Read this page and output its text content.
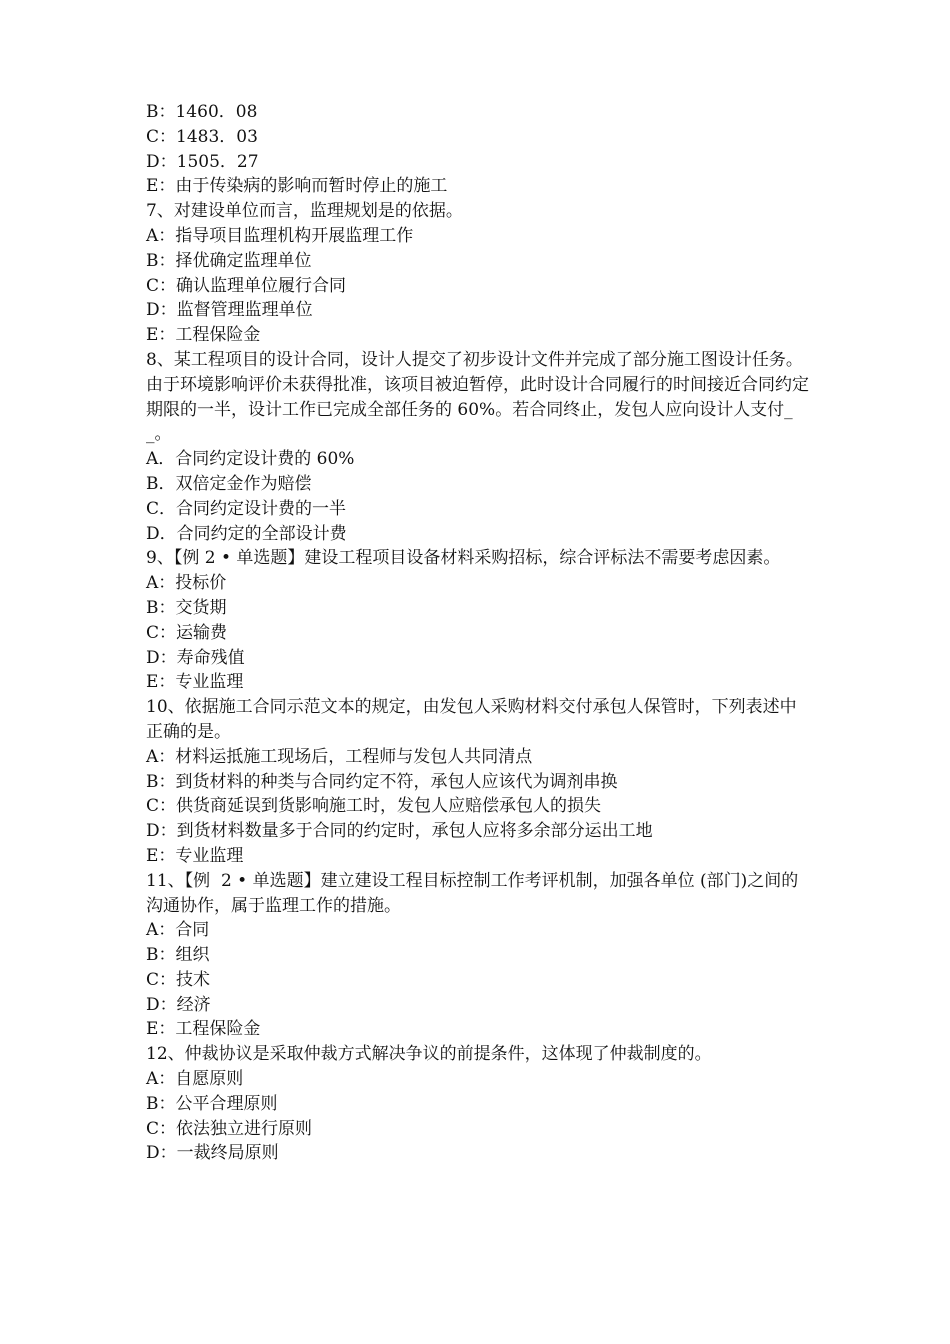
B：1460．08
C：1483．03
D：1505．27
E：由于传染病的影响而暂时停止的施工
7、对建设单位而言，监理规划是的依据。
A：指导项目监理机构开展监理工作
B：择优确定监理单位
C：确认监理单位履行合同
D：监督管理监理单位
E：工程保险金
8、某工程项目的设计合同，设计人提交了初步设计文件并完成了部分施工图设计任务。由于环境影响评价未获得批准，该项目被迫暂停，此时设计合同履行的时间接近合同约定期限的一半，设计工作已完成全部任务的 60%。若合同终止，发包人应向设计人支付__。
A．合同约定设计费的 60%
B．双倍定金作为赔偿
C．合同约定设计费的一半
D．合同约定的全部设计费
9、【例 2 • 单选题】建设工程项目设备材料采购招标，综合评标法不需要考虑因素。
A：投标价
B：交货期
C：运输费
D：寿命残值
E：专业监理
10、依据施工合同示范文本的规定，由发包人采购材料交付承包人保管时，下列表述中正确的是。
A：材料运抵施工现场后，工程师与发包人共同清点
B：到货材料的种类与合同约定不符，承包人应该代为调剂串换
C：供货商延误到货影响施工时，发包人应赔偿承包人的损失
D：到货材料数量多于合同的约定时，承包人应将多余部分运出工地
E：专业监理
11、【例  2 • 单选题】建立建设工程目标控制工作考评机制，加强各单位 (部门)之间的沟通协作，属于监理工作的措施。
A：合同
B：组织
C：技术
D：经济
E：工程保险金
12、仲裁协议是采取仲裁方式解决争议的前提条件，这体现了仲裁制度的。
A：自愿原则
B：公平合理原则
C：依法独立进行原则
D：一裁终局原则
